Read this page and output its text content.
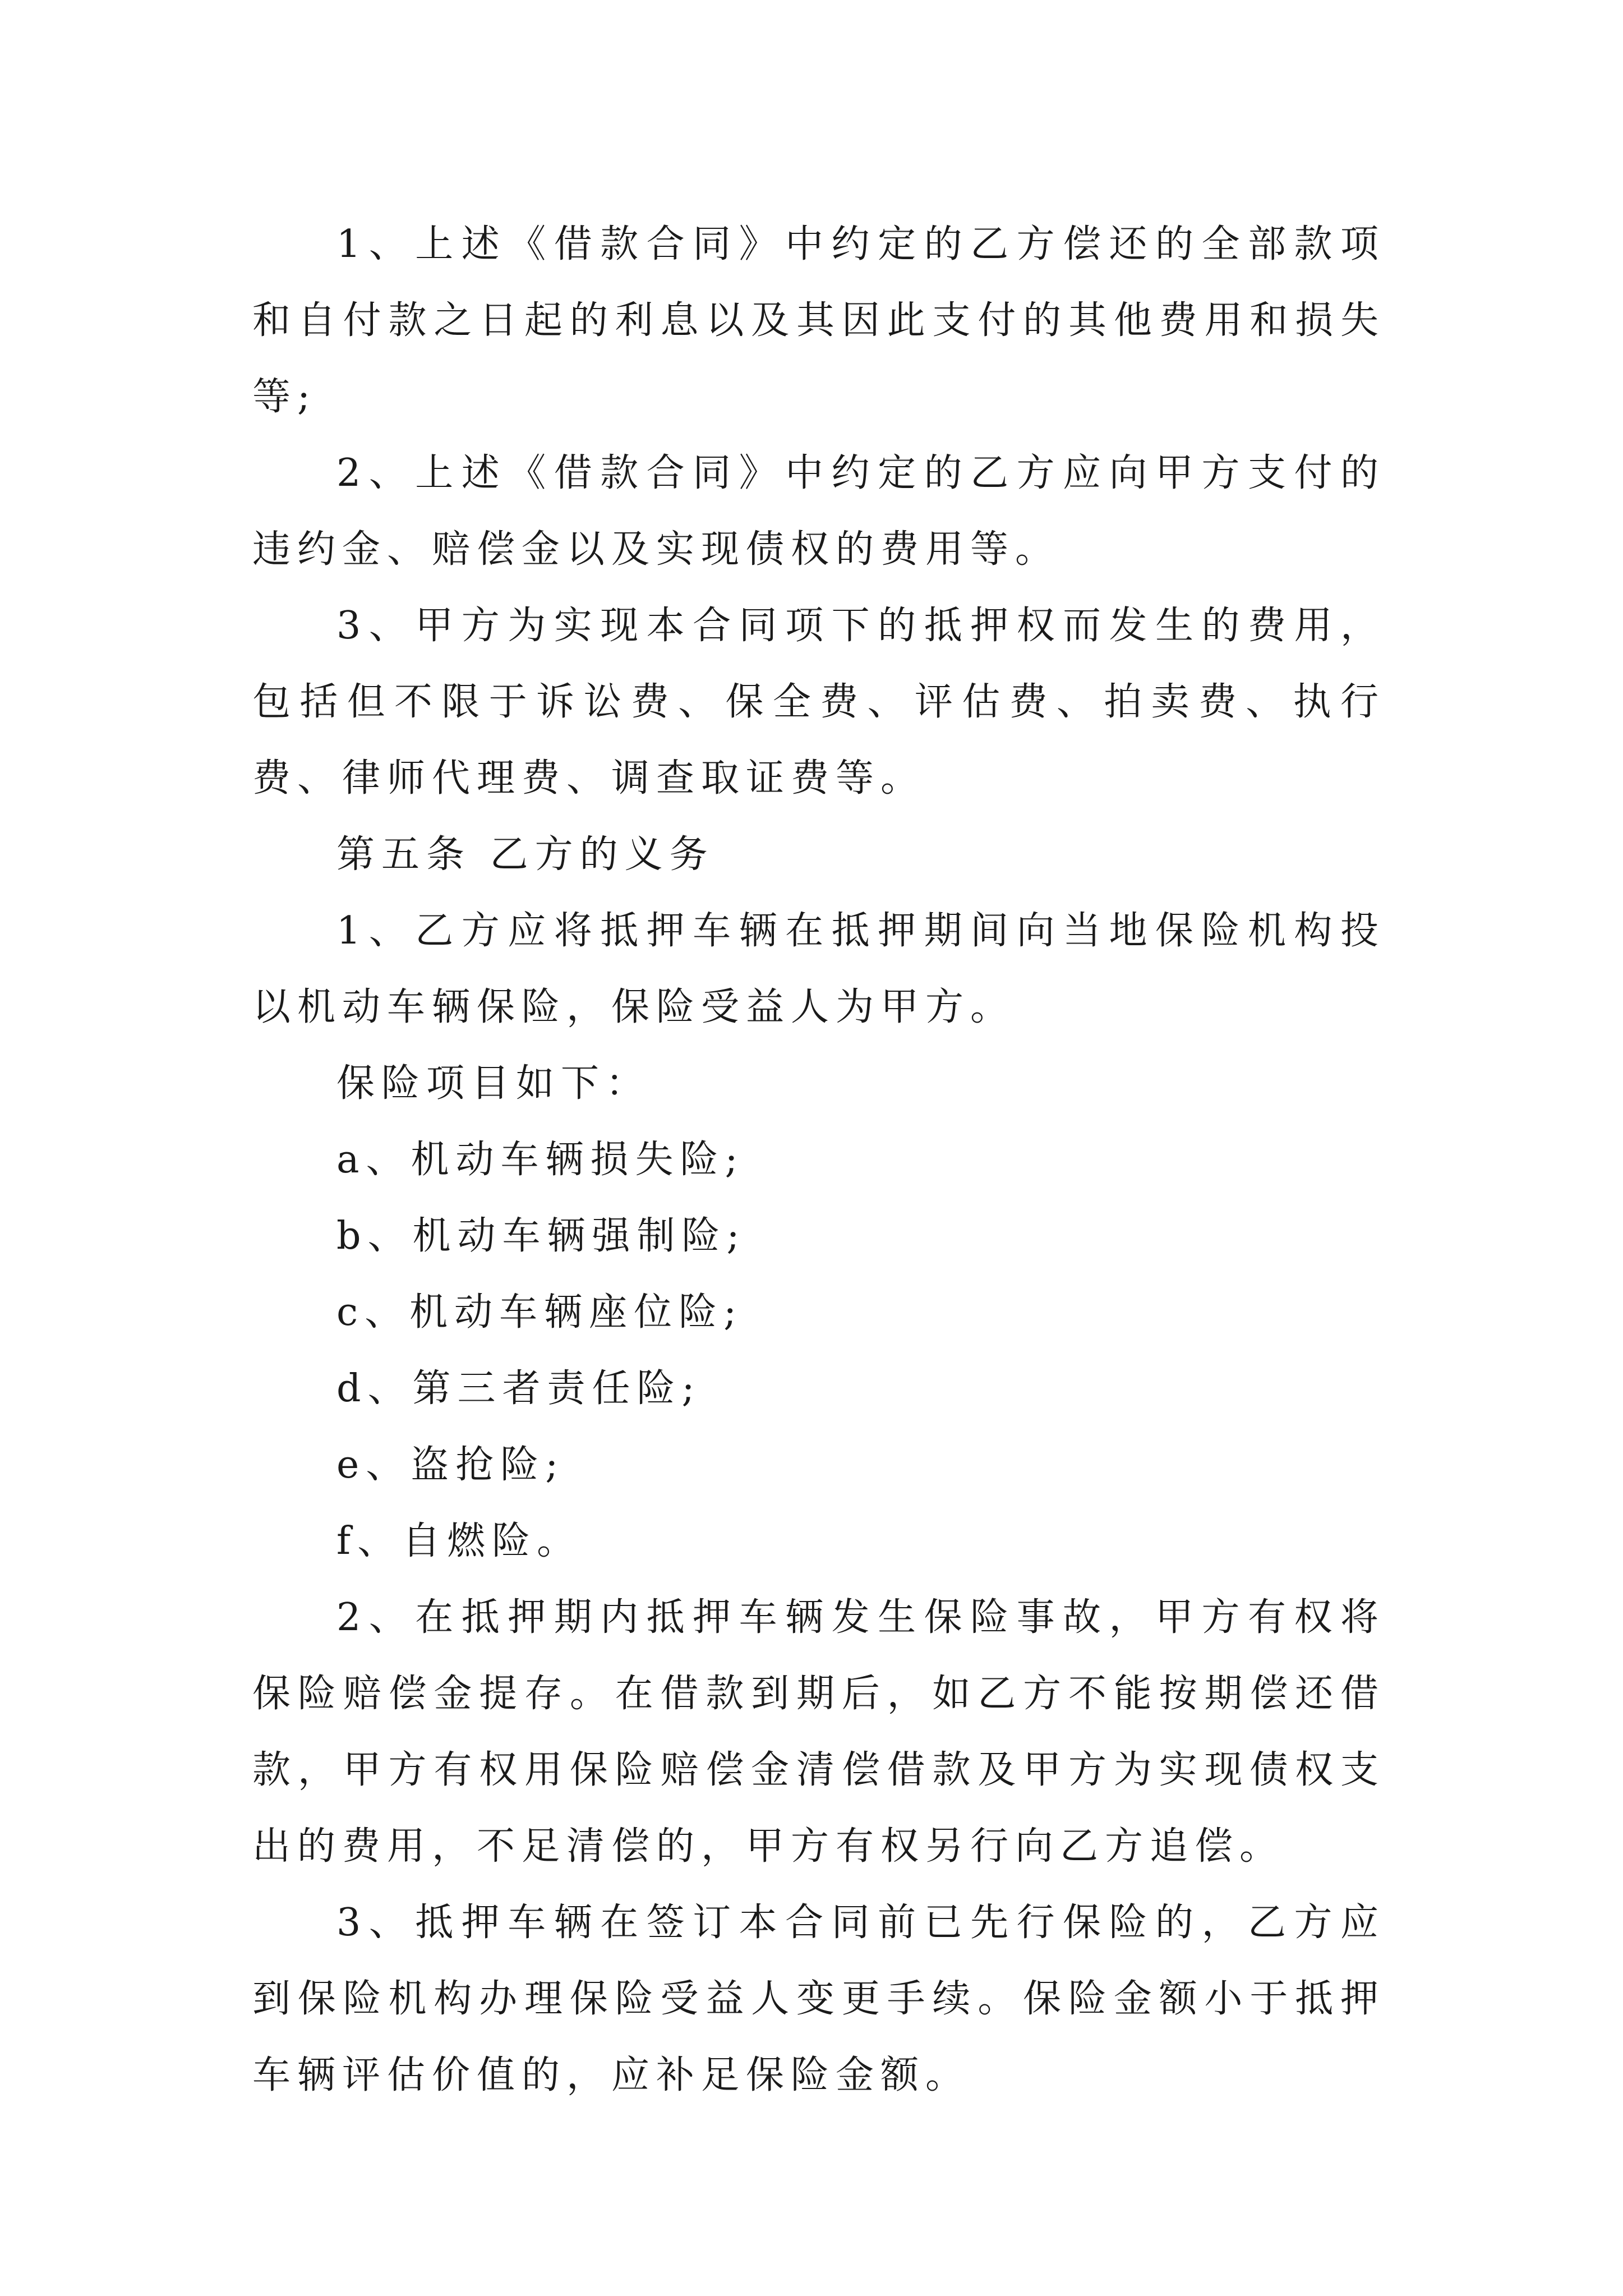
1、上述《借款合同》中约定的乙方偿还的全部款项和自付款之日起的利息以及其因此支付的其他费用和损失等;

2、上述《借款合同》中约定的乙方应向甲方支付的违约金、赔偿金以及实现债权的费用等。

3、甲方为实现本合同项下的抵押权而发生的费用，包括但不限于诉讼费、保全费、评估费、拍卖费、执行费、律师代理费、调查取证费等。

第五条 乙方的义务

1、乙方应将抵押车辆在抵押期间向当地保险机构投以机动车辆保险，保险受益人为甲方。

保险项目如下：

a、机动车辆损失险;

b、机动车辆强制险;

c、机动车辆座位险;

d、第三者责任险;

e、盗抢险;

f、自燃险。

2、在抵押期内抵押车辆发生保险事故，甲方有权将保险赔偿金提存。在借款到期后，如乙方不能按期偿还借款，甲方有权用保险赔偿金清偿借款及甲方为实现债权支出的费用，不足清偿的，甲方有权另行向乙方追偿。

3、抵押车辆在签订本合同前已先行保险的，乙方应到保险机构办理保险受益人变更手续。保险金额小于抵押车辆评估价值的，应补足保险金额。
